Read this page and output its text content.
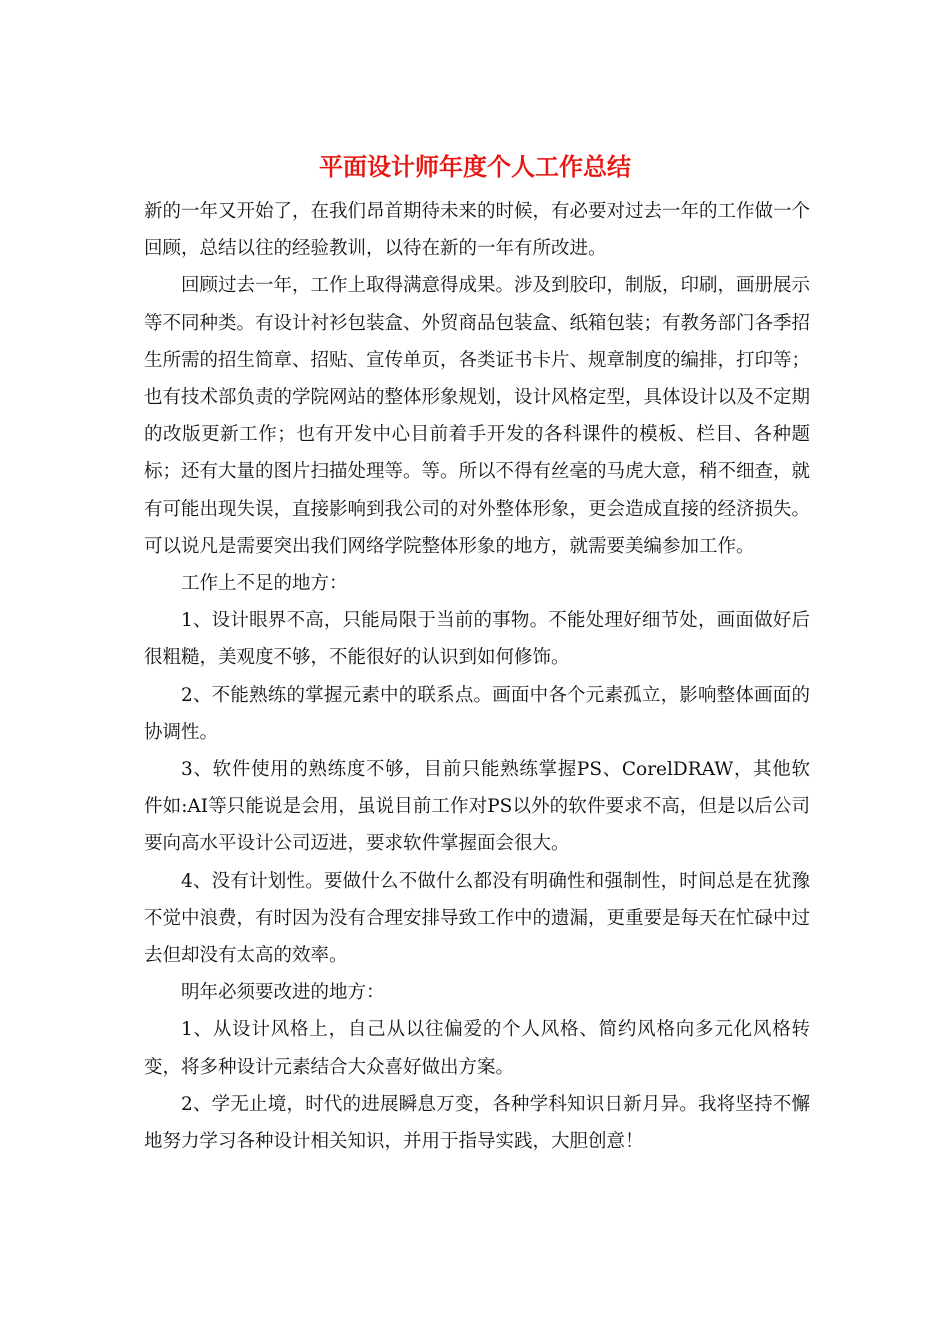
平面设计师年度个人工作总结

新的一年又开始了，在我们昂首期待未来的时候，有必要对过去一年的工作做一个回顾，总结以往的经验教训，以待在新的一年有所改进。

回顾过去一年，工作上取得满意得成果。涉及到胶印，制版，印刷，画册展示等不同种类。有设计衬衫包装盒、外贸商品包装盒、纸箱包装；有教务部门各季招生所需的招生简章、招贴、宣传单页，各类证书卡片、规章制度的编排，打印等；也有技术部负责的学院网站的整体形象规划，设计风格定型，具体设计以及不定期的改版更新工作；也有开发中心目前着手开发的各科课件的模板、栏目、各种题标；还有大量的图片扫描处理等。等。所以不得有丝毫的马虎大意，稍不细查，就有可能出现失误，直接影响到我公司的对外整体形象，更会造成直接的经济损失。可以说凡是需要突出我们网络学院整体形象的地方，就需要美编参加工作。

工作上不足的地方：

1、设计眼界不高，只能局限于当前的事物。不能处理好细节处，画面做好后很粗糙，美观度不够，不能很好的认识到如何修饰。

2、不能熟练的掌握元素中的联系点。画面中各个元素孤立，影响整体画面的协调性。

3、软件使用的熟练度不够，目前只能熟练掌握PS、CorelDRAW，其他软件如:AI等只能说是会用，虽说目前工作对PS以外的软件要求不高，但是以后公司要向高水平设计公司迈进，要求软件掌握面会很大。

4、没有计划性。要做什么不做什么都没有明确性和强制性，时间总是在犹豫不觉中浪费，有时因为没有合理安排导致工作中的遗漏，更重要是每天在忙碌中过去但却没有太高的效率。

明年必须要改进的地方：

1、从设计风格上，自己从以往偏爱的个人风格、简约风格向多元化风格转变，将多种设计元素结合大众喜好做出方案。

2、学无止境，时代的进展瞬息万变，各种学科知识日新月异。我将坚持不懈地努力学习各种设计相关知识，并用于指导实践，大胆创意！
